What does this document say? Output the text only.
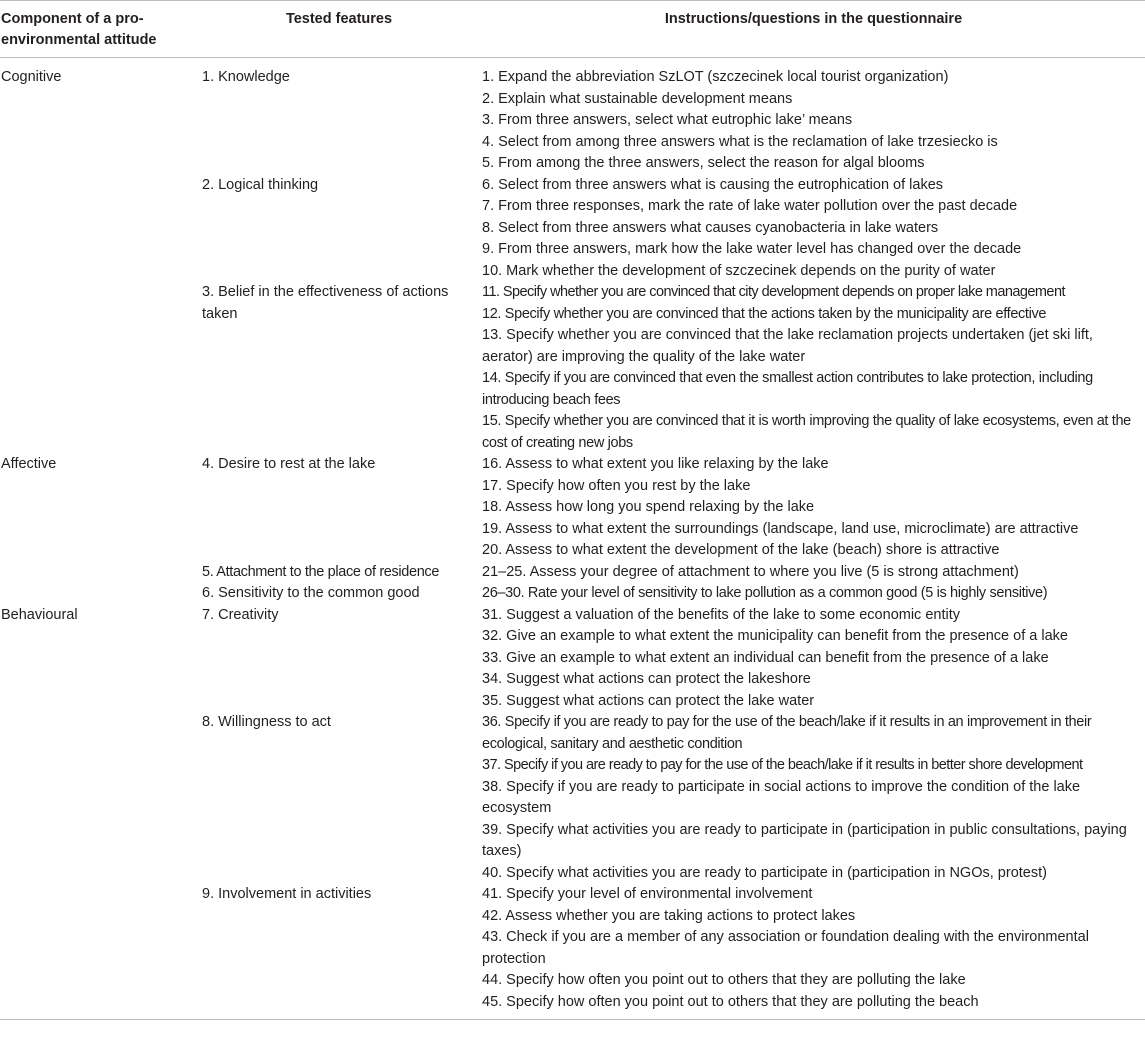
Component of a pro-environmental attitude	Tested features	Instructions/questions in the questionnaire
Cognitive	1. Knowledge	1. Expand the abbreviation SzLOT (szczecinek local tourist organization)
2. Explain what sustainable development means
3. From three answers, select what eutrophic lake’ means
4. Select from among three answers what is the reclamation of lake trzesiecko is
5. From among the three answers, select the reason for algal blooms

	2. Logical thinking	6. Select from three answers what is causing the eutrophication of lakes
7. From three responses, mark the rate of lake water pollution over the past decade
8. Select from three answers what causes cyanobacteria in lake waters
9. From three answers, mark how the lake water level has changed over the decade
10. Mark whether the development of szczecinek depends on the purity of water

	3. Belief in the effectiveness of actions taken	11. Specify whether you are convinced that city development depends on proper lake management
12. Specify whether you are convinced that the actions taken by the municipality are effective
13. Specify whether you are convinced that the lake reclamation projects undertaken (jet ski lift, aerator) are improving the quality of the lake water
14. Specify if you are convinced that even the smallest action contributes to lake protection, including introducing beach fees
15. Specify whether you are convinced that it is worth improving the quality of lake ecosystems, even at the cost of creating new jobs

Affective	4. Desire to rest at the lake	16. Assess to what extent you like relaxing by the lake
17. Specify how often you rest by the lake
18. Assess how long you spend relaxing by the lake
19. Assess to what extent the surroundings (landscape, land use, microclimate) are attractive
20. Assess to what extent the development of the lake (beach) shore is attractive

	5. Attachment to the place of residence	21–25. Assess your degree of attachment to where you live (5 is strong attachment)

	6. Sensitivity to the common good	26–30. Rate your level of sensitivity to lake pollution as a common good (5 is highly sensitive)

Behavioural	7. Creativity	31. Suggest a valuation of the benefits of the lake to some economic entity
32. Give an example to what extent the municipality can benefit from the presence of a lake
33. Give an example to what extent an individual can benefit from the presence of a lake
34. Suggest what actions can protect the lakeshore
35. Suggest what actions can protect the lake water

	8. Willingness to act	36. Specify if you are ready to pay for the use of the beach/lake if it results in an improvement in their ecological, sanitary and aesthetic condition
37. Specify if you are ready to pay for the use of the beach/lake if it results in better shore development
38. Specify if you are ready to participate in social actions to improve the condition of the lake ecosystem
39. Specify what activities you are ready to participate in (participation in public consultations, paying taxes)
40. Specify what activities you are ready to participate in (participation in NGOs, protest)

	9. Involvement in activities	41. Specify your level of environmental involvement
42. Assess whether you are taking actions to protect lakes
43. Check if you are a member of any association or foundation dealing with the environmental protection
44. Specify how often you point out to others that they are polluting the lake
45. Specify how often you point out to others that they are polluting the beach
